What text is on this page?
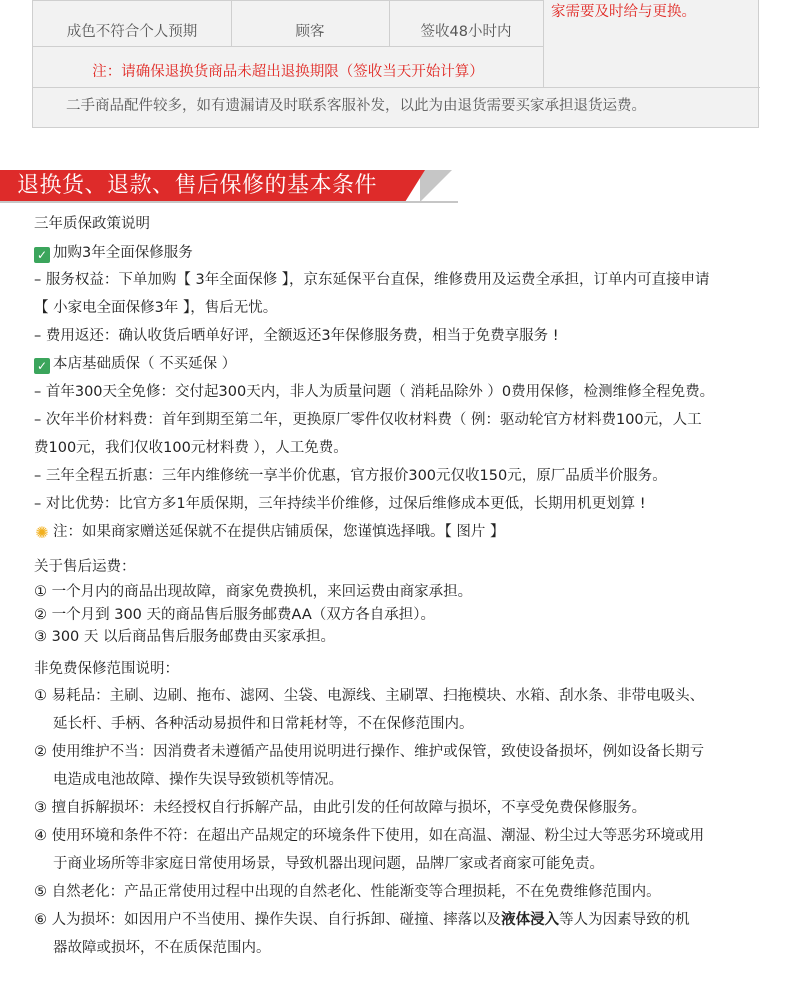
成色不符合个人预期	顾客	签收48小时内
家需要及时给与更换。
注：请确保退换货商品未超出退换期限（签收当天开始计算）
二手商品配件较多，如有遗漏请及时联系客服补发，以此为由退货需要买家承担退货运费。
退换货、退款、售后保修的基本条件
三年质保政策说明
✓ 加购3年全面保修服务
– 服务权益：下单加购【 3年全面保修 】，京东延保平台直保，维修费用及运费全承担，订单内可直接申请
【 小家电全面保修3年 】，售后无忧。
– 费用返还：确认收货后晒单好评，全额返还3年保修服务费，相当于免费享服务 !
✓ 本店基础质保（ 不买延保 ）
– 首年300天全免修：交付起300天内，非人为质量问题（ 消耗品除外 ）0费用保修，检测维修全程免费。
– 次年半价材料费：首年到期至第二年，更换原厂零件仅收材料费（ 例：驱动轮官方材料费100元，人工
费100元，我们仅收100元材料费 ），人工免费。
– 三年全程五折惠：三年内维修统一享半价优惠，官方报价300元仅收150元，原厂品质半价服务。
– 对比优势：比官方多1年质保期，三年持续半价维修，过保后维修成本更低，长期用机更划算 !
✺ 注：如果商家赠送延保就不在提供店铺质保，您谨慎选择哦。【 图片 】
关于售后运费：
① 一个月内的商品出现故障，商家免费换机，来回运费由商家承担。
② 一个月到 300 天的商品售后服务邮费AA（双方各自承担）。
③ 300 天 以后商品售后服务邮费由买家承担。
非免费保修范围说明：
① 易耗品：主刷、边刷、拖布、滤网、尘袋、电源线、主刷罩、扫拖模块、水箱、刮水条、非带电吸头、
延长杆、手柄、各种活动易损件和日常耗材等，不在保修范围内。
② 使用维护不当：因消费者未遵循产品使用说明进行操作、维护或保管，致使设备损坏，例如设备长期亏
电造成电池故障、操作失误导致锁机等情况。
③ 擅自拆解损坏：未经授权自行拆解产品，由此引发的任何故障与损坏，不享受免费保修服务。
④ 使用环境和条件不符：在超出产品规定的环境条件下使用，如在高温、潮湿、粉尘过大等恶劣环境或用
于商业场所等非家庭日常使用场景，导致机器出现问题，品牌厂家或者商家可能免责。
⑤ 自然老化：产品正常使用过程中出现的自然老化、性能渐变等合理损耗，不在免费维修范围内。
⑥ 人为损坏：如因用户不当使用、操作失误、自行拆卸、碰撞、摔落以及液体浸入等人为因素导致的机
器故障或损坏，不在质保范围内。
